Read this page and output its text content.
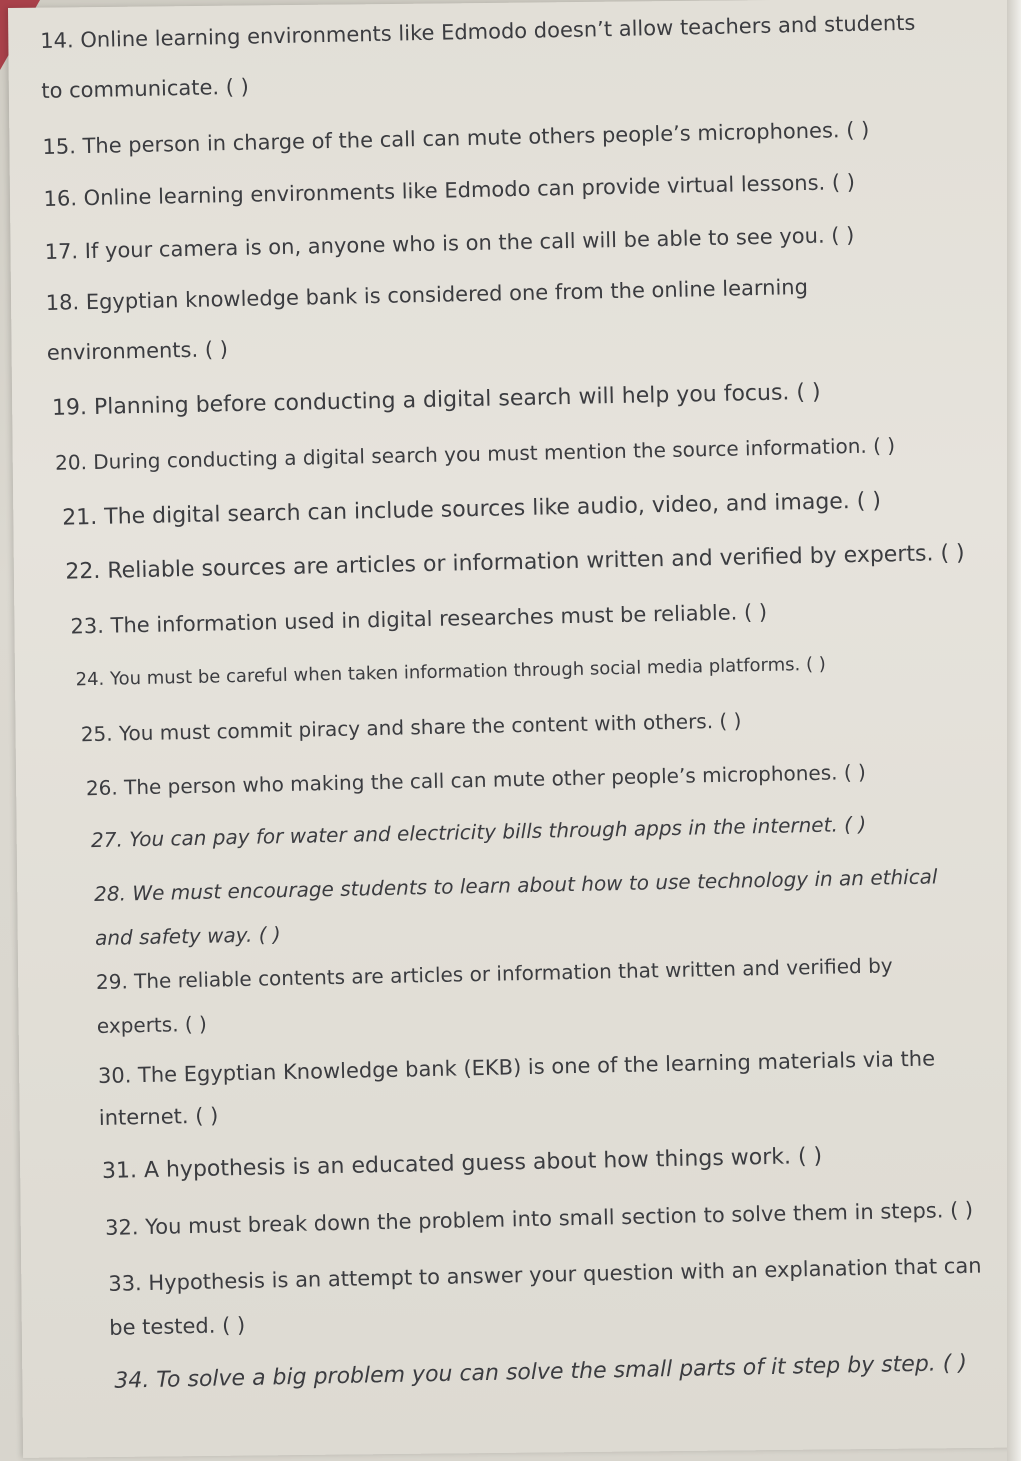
14. Online learning environments like Edmodo doesn’t allow teachers and students
to communicate. ( )

15. The person in charge of the call can mute others people’s microphones. ( )

16. Online learning environments like Edmodo can provide virtual lessons. ( )

17. If your camera is on, anyone who is on the call will be able to see you. ( )

18. Egyptian knowledge bank is considered one from the online learning
environments. ( )

19. Planning before conducting a digital search will help you focus. ( )

20. During conducting a digital search you must mention the source information. ( )

21. The digital search can include sources like audio, video, and image. ( )

22. Reliable sources are articles or information written and verified by experts. ( )

23. The information used in digital researches must be reliable. ( )

24. You must be careful when taken information through social media platforms. ( )

25. You must commit piracy and share the content with others. ( )

26. The person who making the call can mute other people’s microphones. ( )

27. You can pay for water and electricity bills through apps in the internet. ( )

28. We must encourage students to learn about how to use technology in an ethical
and safety way. ( )

29. The reliable contents are articles or information that written and verified by
experts. ( )

30. The Egyptian Knowledge bank (EKB) is one of the learning materials via the
internet. ( )

31. A hypothesis is an educated guess about how things work. ( )

32. You must break down the problem into small section to solve them in steps. ( )

33. Hypothesis is an attempt to answer your question with an explanation that can
be tested. ( )

34. To solve a big problem you can solve the small parts of it step by step. ( )
